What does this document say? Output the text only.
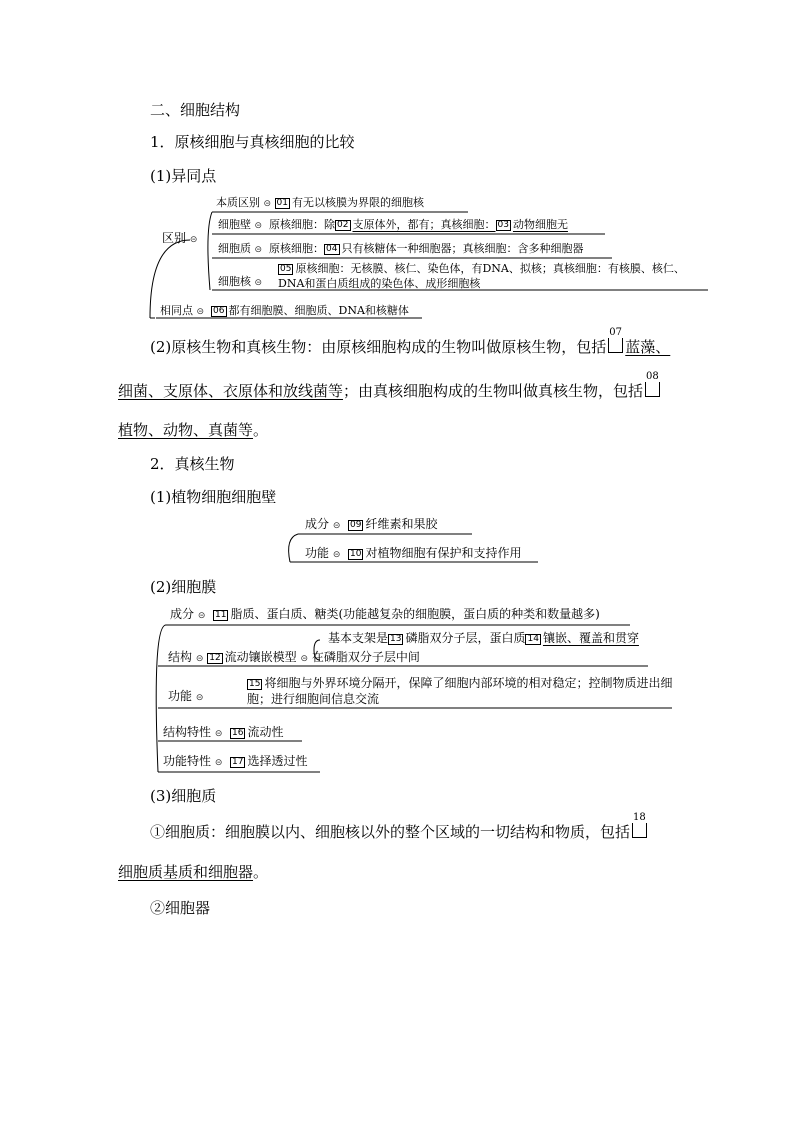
二、细胞结构
1．原核细胞与真核细胞的比较
(1)异同点
区别 ⊝
本质区别 ⊝ 01 有无以核膜为界限的细胞核
细胞壁 ⊝ 原核细胞：除 02 支原体外，都有；真核细胞： 03 动物细胞无
细胞质 ⊝ 原核细胞： 04 只有核糖体一种细胞器；真核细胞：含多种细胞器
细胞核 ⊝
05 原核细胞：无核膜、核仁、染色体，有DNA、拟核；真核细胞：有核膜、核仁、
DNA和蛋白质组成的染色体、成形细胞核
相同点 ⊝ 06 都有细胞膜、细胞质、DNA和核糖体
(2)原核生物和真核生物：由原核细胞构成的生物叫做原核生物，包括
07
蓝藻、
细菌、支原体、衣原体和放线菌等；由真核细胞构成的生物叫做真核生物，包括
08
植物、动物、真菌等。
2．真核生物
(1)植物细胞细胞壁
成分 ⊝ 09 纤维素和果胶
功能 ⊝ 10 对植物细胞有保护和支持作用
(2)细胞膜
成分 ⊝ 11 脂质、蛋白质、糖类(功能越复杂的细胞膜，蛋白质的种类和数量越多)
基本支架是 13 磷脂双分子层，蛋白质 14 镶嵌、覆盖和贯穿
结构 ⊝ 12 流动镶嵌模型 ⊝ 在磷脂双分子层中间
15 将细胞与外界环境分隔开，保障了细胞内部环境的相对稳定；控制物质进出细
功能 ⊝	胞；进行细胞间信息交流
结构特性 ⊝ 16 流动性
功能特性 ⊝ 17 选择透过性
(3)细胞质
①细胞质：细胞膜以内、细胞核以外的整个区域的一切结构和物质，包括
18
细胞质基质和细胞器。
②细胞器
